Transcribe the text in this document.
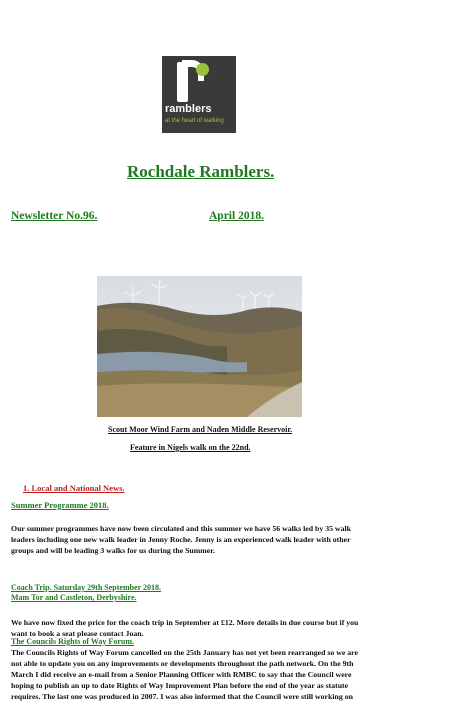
ramblers
at the heart of walking
Rochdale Ramblers.
Newsletter No.96.	April 2018.
Scout Moor Wind Farm and Naden Middle Reservoir.
Feature in Nigels walk on the 22nd.
1. Local and National News.
Summer Programme 2018.
Our summer programmes have now been circulated and this summer we have 56 walks led by 35 walk
leaders including one new walk leader in Jenny Roche. Jenny is an experienced walk leader with other
groups and will be leading 3 walks for us during the Summer.
Coach Trip. Saturday 29th September 2018.
Mam Tor and Castleton, Derbyshire.
We have now fixed the price for the coach trip in September at £12. More details in due course but if you
want to book a seat please contact Joan.
The Councils Rights of Way Forum.
The Councils Rights of Way Forum cancelled on the 25th January has not yet been rearranged so we are
not able to update you on any improvements or developments throughout the path network. On the 9th
March I did receive an e-mail from a Senior Planning Officer with RMBC to say that the Council were
hoping to publish an up to date Rights of Way Improvement Plan before the end of the year as statute
requires. The last one was produced in 2007. I was also informed that the Council were still working on
